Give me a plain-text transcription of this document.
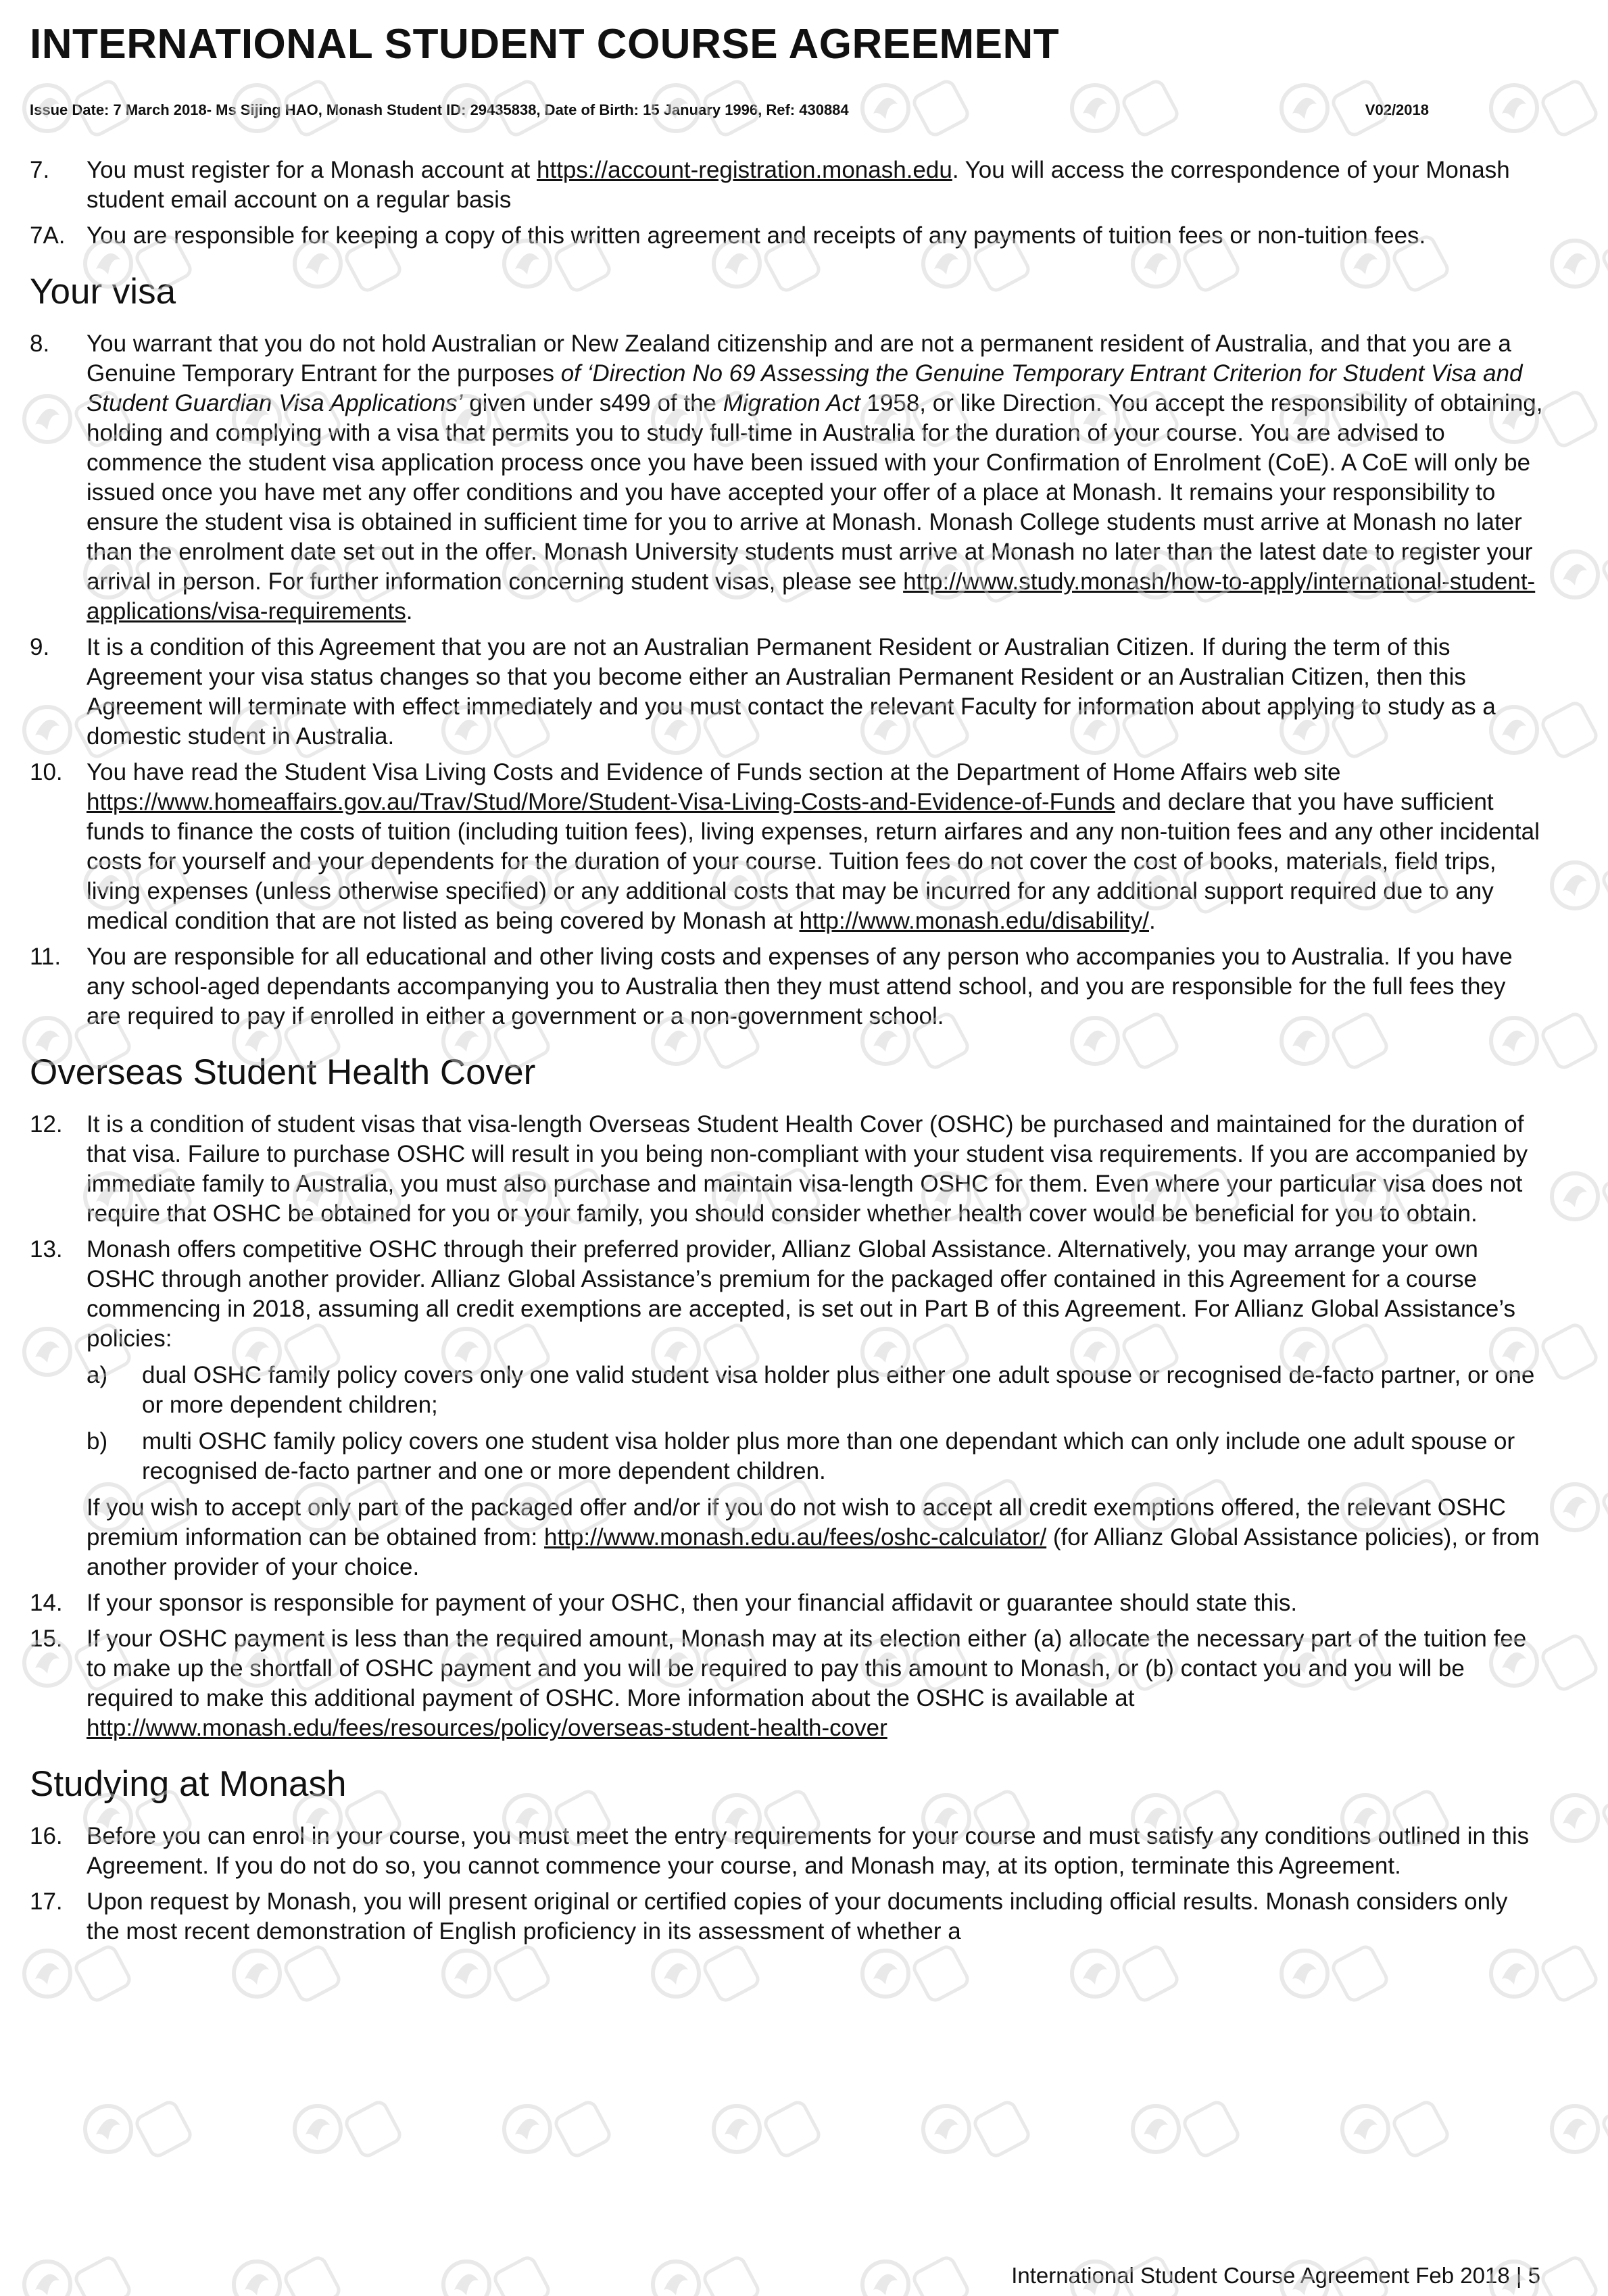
INTERNATIONAL STUDENT COURSE AGREEMENT
Issue Date: 7 March 2018- Ms Sijing HAO, Monash Student ID: 29435838, Date of Birth: 15 January 1996, Ref: 430884	V02/2018
7.	You must register for a Monash account at https://account-registration.monash.edu. You will access the correspondence of your Monash student email account on a regular basis
7A. You are responsible for keeping a copy of this written agreement and receipts of any payments of tuition fees or non-tuition fees.
Your visa
8.	You warrant that you do not hold Australian or New Zealand citizenship and are not a permanent resident of Australia, and that you are a Genuine Temporary Entrant for the purposes of ‘Direction No 69 Assessing the Genuine Temporary Entrant Criterion for Student Visa and Student Guardian Visa Applications’ given under s499 of the Migration Act 1958, or like Direction. You accept the responsibility of obtaining, holding and complying with a visa that permits you to study full-time in Australia for the duration of your course. You are advised to commence the student visa application process once you have been issued with your Confirmation of Enrolment (CoE). A CoE will only be issued once you have met any offer conditions and you have accepted your offer of a place at Monash. It remains your responsibility to ensure the student visa is obtained in sufficient time for you to arrive at Monash. Monash College students must arrive at Monash no later than the enrolment date set out in the offer. Monash University students must arrive at Monash no later than the latest date to register your arrival in person. For further information concerning student visas, please see http://www.study.monash/how-to-apply/international-student-applications/visa-requirements.
9.	It is a condition of this Agreement that you are not an Australian Permanent Resident or Australian Citizen. If during the term of this Agreement your visa status changes so that you become either an Australian Permanent Resident or an Australian Citizen, then this Agreement will terminate with effect immediately and you must contact the relevant Faculty for information about applying to study as a domestic student in Australia.
10.	You have read the Student Visa Living Costs and Evidence of Funds section at the Department of Home Affairs web site https://www.homeaffairs.gov.au/Trav/Stud/More/Student-Visa-Living-Costs-and-Evidence-of-Funds and declare that you have sufficient funds to finance the costs of tuition (including tuition fees), living expenses, return airfares and any non-tuition fees and any other incidental costs for yourself and your dependents for the duration of your course. Tuition fees do not cover the cost of books, materials, field trips, living expenses (unless otherwise specified) or any additional costs that may be incurred for any additional support required due to any medical condition that are not listed as being covered by Monash at http://www.monash.edu/disability/.
11.	You are responsible for all educational and other living costs and expenses of any person who accompanies you to Australia. If you have any school-aged dependants accompanying you to Australia then they must attend school, and you are responsible for the full fees they are required to pay if enrolled in either a government or a non-government school.
Overseas Student Health Cover
12.	It is a condition of student visas that visa-length Overseas Student Health Cover (OSHC) be purchased and maintained for the duration of that visa. Failure to purchase OSHC will result in you being non-compliant with your student visa requirements. If you are accompanied by immediate family to Australia, you must also purchase and maintain visa-length OSHC for them. Even where your particular visa does not require that OSHC be obtained for you or your family, you should consider whether health cover would be beneficial for you to obtain.
13.	Monash offers competitive OSHC through their preferred provider, Allianz Global Assistance. Alternatively, you may arrange your own OSHC through another provider. Allianz Global Assistance’s premium for the packaged offer contained in this Agreement for a course commencing in 2018, assuming all credit exemptions are accepted, is set out in Part B of this Agreement. For Allianz Global Assistance’s policies:
a)	dual OSHC family policy covers only one valid student visa holder plus either one adult spouse or recognised de-facto partner, or one or more dependent children;
b)	multi OSHC family policy covers one student visa holder plus more than one dependant which can only include one adult spouse or recognised de-facto partner and one or more dependent children.
If you wish to accept only part of the packaged offer and/or if you do not wish to accept all credit exemptions offered, the relevant OSHC premium information can be obtained from: http://www.monash.edu.au/fees/oshc-calculator/ (for Allianz Global Assistance policies), or from another provider of your choice.
14.	If your sponsor is responsible for payment of your OSHC, then your financial affidavit or guarantee should state this.
15.	If your OSHC payment is less than the required amount, Monash may at its election either (a) allocate the necessary part of the tuition fee to make up the shortfall of OSHC payment and you will be required to pay this amount to Monash, or (b) contact you and you will be required to make this additional payment of OSHC. More information about the OSHC is available at http://www.monash.edu/fees/resources/policy/overseas-student-health-cover
Studying at Monash
16.	Before you can enrol in your course, you must meet the entry requirements for your course and must satisfy any conditions outlined in this Agreement. If you do not do so, you cannot commence your course, and Monash may, at its option, terminate this Agreement.
17.	Upon request by Monash, you will present original or certified copies of your documents including official results. Monash considers only the most recent demonstration of English proficiency in its assessment of whether a
International Student Course Agreement Feb 2018 | 5
